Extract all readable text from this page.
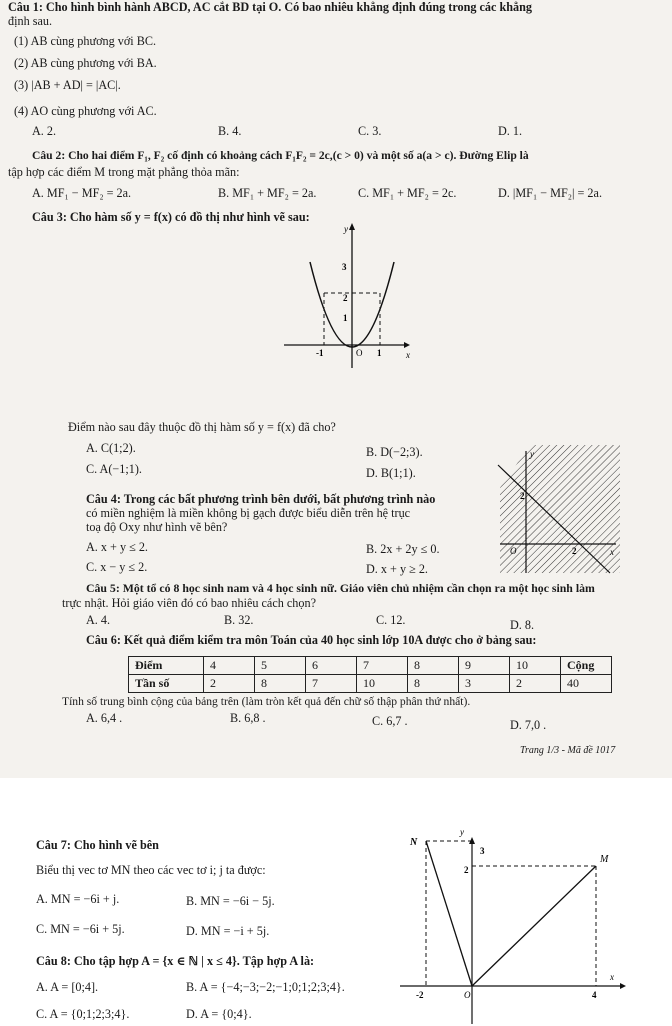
Câu 1: Cho hình bình hành ABCD, AC cắt BD tại O. Có bao nhiêu khẳng định đúng trong các khẳng
định sau.
(1) AB cùng phương với BC.
(2) AB cùng phương với BA.
(3) |AB + AD| = |AC|.
(4) AO cùng phương với AC.
A. 2.	B. 4.	C. 3.	D. 1.
Câu 2: Cho hai điểm F₁, F₂ cố định có khoảng cách F₁F₂ = 2c,(c > 0) và một số a(a > c). Đường Elip là
tập hợp các điểm M trong mặt phẳng thỏa mãn:
A. MF₁ − MF₂ = 2a.	B. MF₁ + MF₂ = 2a.	C. MF₁ + MF₂ = 2c.	D. |MF₁ − MF₂| = 2a.
Câu 3: Cho hàm số y = f(x) có đồ thị như hình vẽ sau:
y
x
O
3
2
1
-1	1
Điểm nào sau đây thuộc đồ thị hàm số y = f(x) đã cho?
A. C(1;2).	B. D(−2;3).
C. A(−1;1).	D. B(1;1).
Câu 4: Trong các bất phương trình bên dưới, bất phương trình nào
có miền nghiệm là miền không bị gạch được biểu diễn trên hệ trục
toạ độ Oxy như hình vẽ bên?
A. x + y ≤ 2.	B. 2x + 2y ≤ 0.
C. x − y ≤ 2.	D. x + y ≥ 2.
y
x
O
2
2
Câu 5: Một tổ có 8 học sinh nam và 4 học sinh nữ. Giáo viên chủ nhiệm cần chọn ra một học sinh làm
trực nhật. Hỏi giáo viên đó có bao nhiêu cách chọn?
A. 4.	B. 32.	C. 12.	D. 8.
Câu 6: Kết quả điểm kiểm tra môn Toán của 40 học sinh lớp 10A được cho ở bảng sau:
Điểm	4	5	6	7	8	9	10	Cộng
Tần số	2	8	7	10	8	3	2	40
Tính số trung bình cộng của bảng trên (làm tròn kết quả đến chữ số thập phân thứ nhất).
A. 6,4 .	B. 6,8 .	C. 6,7 .	D. 7,0 .
Trang 1/3 - Mã đề 1017
Câu 7: Cho hình vẽ bên
Biểu thị vec tơ MN theo các vec tơ i; j ta được:
A. MN = −6i + j.	B. MN = −6i − 5j.
C. MN = −6i + 5j.	D. MN = −i + 5j.
y
x
O
N
M
3
2
-2	4
Câu 8: Cho tập hợp A = {x ∈ ℕ | x ≤ 4}. Tập hợp A là:
A. A = [0;4].	B. A = {−4;−3;−2;−1;0;1;2;3;4}.
C. A = {0;1;2;3;4}.	D. A = {0;4}.
